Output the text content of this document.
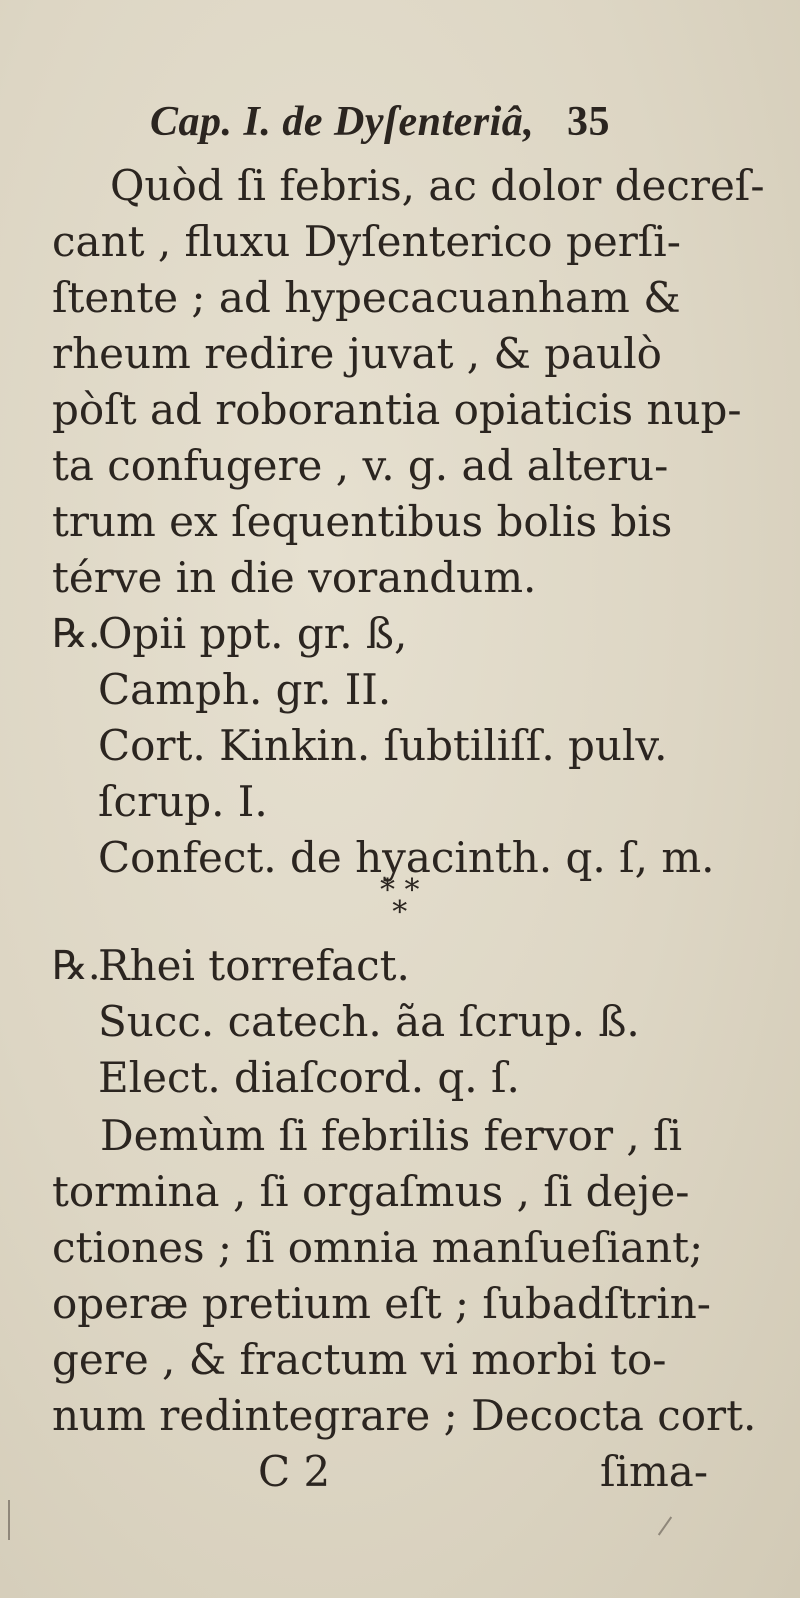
Cap. I. de Dyſenteriâ, 35
Quòd ſi febris, ac dolor decreſ-
cant , fluxu Dyſenterico perſi-
ſtente ; ad hypecacuanham &
rheum redire juvat , & paulò
pòſt ad roborantia opiaticis nup-
ta confugere , v. g. ad alteru-
trum ex ſequentibus bolis bis
térve in die vorandum.
℞.
Opii ppt. gr. ß,
Camph. gr. II.
Cort. Kinkin. ſubtiliſſ. pulv.
ſcrup. I.
Confect. de hyacinth. q. ſ, m.
* *
*
℞.
Rhei torrefact.
Succ. catech. ãa ſcrup. ß.
Elect. diaſcord. q. ſ.
Demùm ſi febrilis fervor , ſi
tormina , ſi orgaſmus , ſi deje-
ctiones ; ſi omnia manſueſiant;
operæ pretium eſt ; ſubadſtrin-
gere , & fractum vi morbi to-
num redintegrare ; Decocta cort.
C 2	ſima-
